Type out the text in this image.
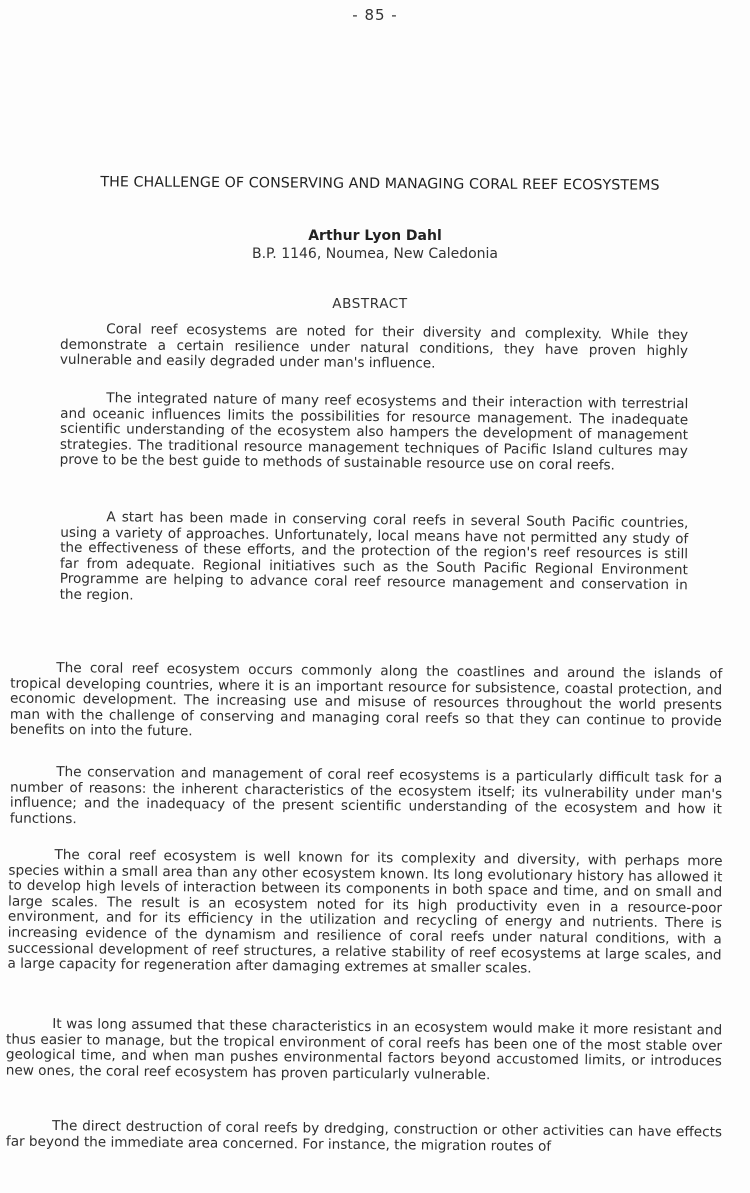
- 85 -
THE CHALLENGE OF CONSERVING AND MANAGING CORAL REEF ECOSYSTEMS
Arthur Lyon Dahl
B.P. 1146, Noumea, New Caledonia
ABSTRACT

Coral reef ecosystems are noted for their diversity and complexity. While they demonstrate a certain resilience under natural conditions, they have proven highly vulnerable and easily degraded under man's influence.

The integrated nature of many reef ecosystems and their interaction with terrestrial and oceanic influences limits the possibilities for resource management. The inadequate scientific understanding of the ecosystem also hampers the development of management strategies. The traditional resource management techniques of Pacific Island cultures may prove to be the best guide to methods of sustainable resource use on coral reefs.

A start has been made in conserving coral reefs in several South Pacific countries, using a variety of approaches. Unfortunately, local means have not permitted any study of the effectiveness of these efforts, and the protection of the region's reef resources is still far from adequate. Regional initiatives such as the South Pacific Regional Environment Programme are helping to advance coral reef resource management and conservation in the region.

The coral reef ecosystem occurs commonly along the coastlines and around the islands of tropical developing countries, where it is an important resource for subsistence, coastal protection, and economic development. The increasing use and misuse of resources throughout the world presents man with the challenge of conserving and managing coral reefs so that they can continue to provide benefits on into the future.

The conservation and management of coral reef ecosystems is a particularly difficult task for a number of reasons: the inherent characteristics of the ecosystem itself; its vulnerability under man's influence; and the inadequacy of the present scientific understanding of the ecosystem and how it functions.

The coral reef ecosystem is well known for its complexity and diversity, with perhaps more species within a small area than any other ecosystem known. Its long evolutionary history has allowed it to develop high levels of interaction between its components in both space and time, and on small and large scales. The result is an ecosystem noted for its high productivity even in a resource-poor environment, and for its efficiency in the utilization and recycling of energy and nutrients. There is increasing evidence of the dynamism and resilience of coral reefs under natural conditions, with a successional development of reef structures, a relative stability of reef ecosystems at large scales, and a large capacity for regeneration after damaging extremes at smaller scales.

It was long assumed that these characteristics in an ecosystem would make it more resistant and thus easier to manage, but the tropical environment of coral reefs has been one of the most stable over geological time, and when man pushes environmental factors beyond accustomed limits, or introduces new ones, the coral reef ecosystem has proven particularly vulnerable.

The direct destruction of coral reefs by dredging, construction or other activities can have effects far beyond the immediate area concerned. For instance, the migration routes of
